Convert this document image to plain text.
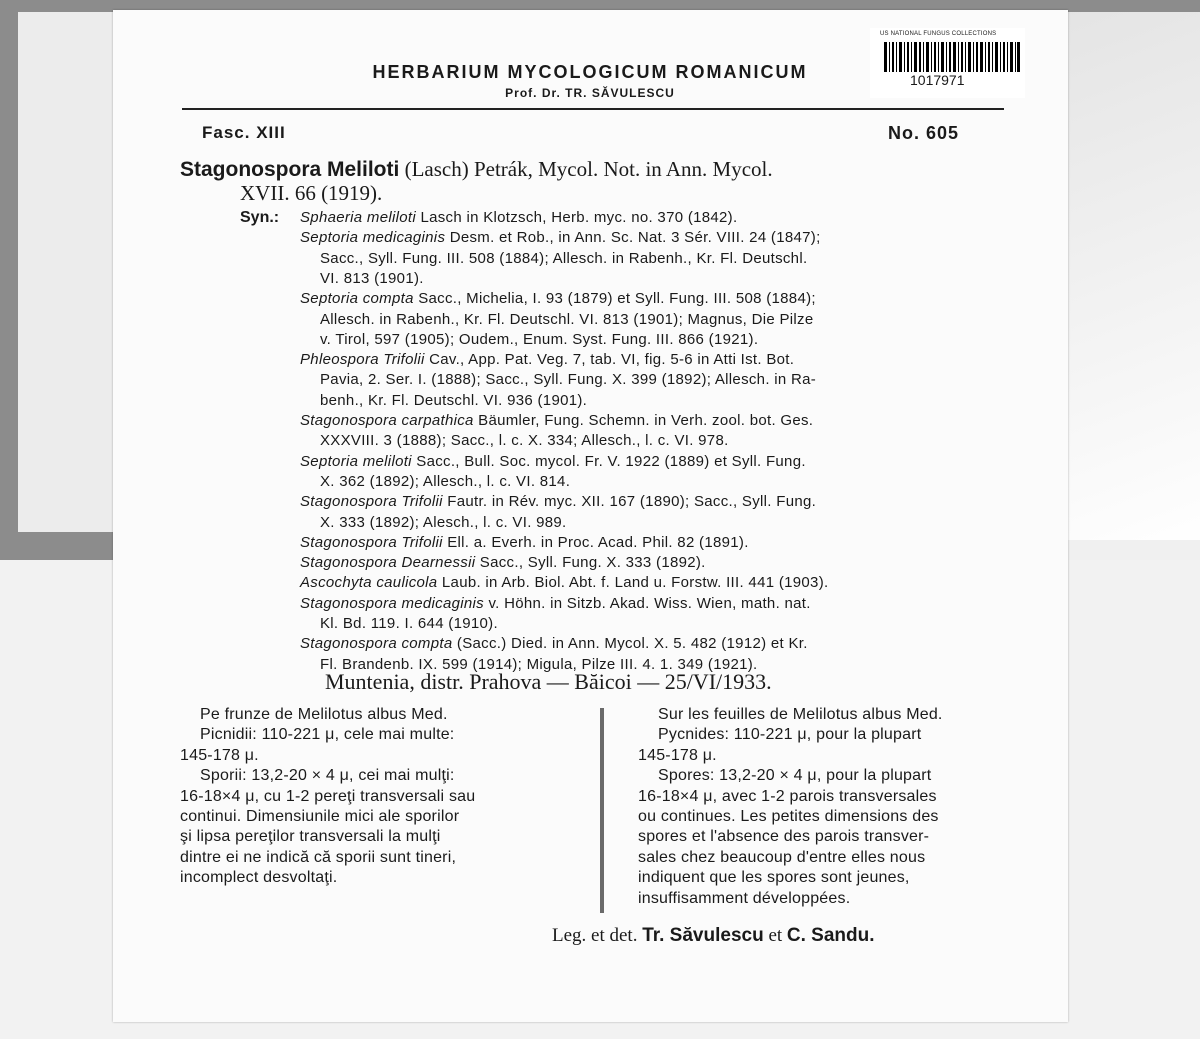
US NATIONAL FUNGUS COLLECTIONS
1017971
HERBARIUM MYCOLOGICUM ROMANICUM
Prof. Dr. TR. SĂVULESCU
Fasc. XIII	No. 605
Stagonospora Meliloti (Lasch) Petrák, Mycol. Not. in Ann. Mycol.
XVII. 66 (1919).
Syn.: Sphaeria meliloti Lasch in Klotzsch, Herb. myc. no. 370 (1842).
Septoria medicaginis Desm. et Rob., in Ann. Sc. Nat. 3 Sér. VIII. 24 (1847);
Sacc., Syll. Fung. III. 508 (1884); Allesch. in Rabenh., Kr. Fl. Deutschl.
VI. 813 (1901).
Septoria compta Sacc., Michelia, I. 93 (1879) et Syll. Fung. III. 508 (1884);
Allesch. in Rabenh., Kr. Fl. Deutschl. VI. 813 (1901); Magnus, Die Pilze
v. Tirol, 597 (1905); Oudem., Enum. Syst. Fung. III. 866 (1921).
Phleospora Trifolii Cav., App. Pat. Veg. 7, tab. VI, fig. 5-6 in Atti Ist. Bot.
Pavia, 2. Ser. I. (1888); Sacc., Syll. Fung. X. 399 (1892); Allesch. in Ra-
benh., Kr. Fl. Deutschl. VI. 936 (1901).
Stagonospora carpathica Bäumler, Fung. Schemn. in Verh. zool. bot. Ges.
XXXVIII. 3 (1888); Sacc., l. c. X. 334; Allesch., l. c. VI. 978.
Septoria meliloti Sacc., Bull. Soc. mycol. Fr. V. 1922 (1889) et Syll. Fung.
X. 362 (1892); Allesch., l. c. VI. 814.
Stagonospora Trifolii Fautr. in Rév. myc. XII. 167 (1890); Sacc., Syll. Fung.
X. 333 (1892); Alesch., l. c. VI. 989.
Stagonospora Trifolii Ell. a. Everh. in Proc. Acad. Phil. 82 (1891).
Stagonospora Dearnessii Sacc., Syll. Fung. X. 333 (1892).
Ascochyta caulicola Laub. in Arb. Biol. Abt. f. Land u. Forstw. III. 441 (1903).
Stagonospora medicaginis v. Höhn. in Sitzb. Akad. Wiss. Wien, math. nat.
Kl. Bd. 119. I. 644 (1910).
Stagonospora compta (Sacc.) Died. in Ann. Mycol. X. 5. 482 (1912) et Kr.
Fl. Brandenb. IX. 599 (1914); Migula, Pilze III. 4. 1. 349 (1921).
Muntenia, distr. Prahova — Băicoi — 25/VI/1933.
Pe frunze de Melilotus albus Med.
Picnidii: 110-221 μ, cele mai multe:
145-178 μ.
Sporii: 13,2-20 × 4 μ, cei mai mulţi:
16-18×4 μ, cu 1-2 pereţi transversali sau
continui. Dimensiunile mici ale sporilor
şi lipsa pereţilor transversali la mulţi
dintre ei ne indică că sporii sunt tineri,
incomplect desvoltaţi.
Sur les feuilles de Melilotus albus Med.
Pycnides: 110-221 μ, pour la plupart
145-178 μ.
Spores: 13,2-20 × 4 μ, pour la plupart
16-18×4 μ, avec 1-2 parois transversales
ou continues. Les petites dimensions des
spores et l'absence des parois transver-
sales chez beaucoup d'entre elles nous
indiquent que les spores sont jeunes,
insuffisamment développées.
Leg. et det. Tr. Săvulescu et C. Sandu.
